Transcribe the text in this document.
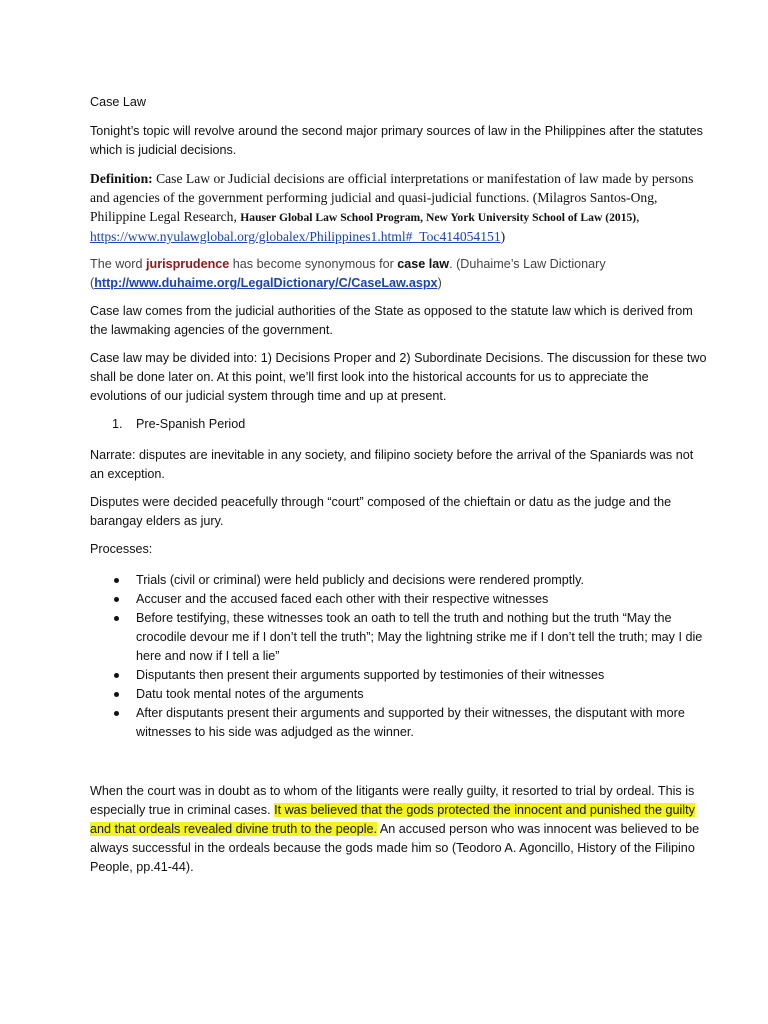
Case Law

Tonight’s topic will revolve around the second major primary sources of law in the Philippines after the statutes which is judicial decisions.

Definition: Case Law or Judicial decisions are official interpretations or manifestation of law made by persons and agencies of the government performing judicial and quasi-judicial functions. (Milagros Santos-Ong, Philippine Legal Research, Hauser Global Law School Program, New York University School of Law (2015), https://www.nyulawglobal.org/globalex/Philippines1.html#_Toc414054151)

The word jurisprudence has become synonymous for case law. (Duhaime’s Law Dictionary (http://www.duhaime.org/LegalDictionary/C/CaseLaw.aspx)

Case law comes from the judicial authorities of the State as opposed to the statute law which is derived from the lawmaking agencies of the government.

Case law may be divided into: 1) Decisions Proper and 2) Subordinate Decisions. The discussion for these two shall be done later on. At this point, we’ll first look into the historical accounts for us to appreciate the evolutions of our judicial system through time and up at present.

1. Pre-Spanish Period

Narrate: disputes are inevitable in any society, and filipino society before the arrival of the Spaniards was not an exception.

Disputes were decided peacefully through “court” composed of the chieftain or datu as the judge and the barangay elders as jury.

Processes:

Trials (civil or criminal) were held publicly and decisions were rendered promptly.
Accuser and the accused faced each other with their respective witnesses
Before testifying, these witnesses took an oath to tell the truth and nothing but the truth “May the crocodile devour me if I don’t tell the truth”; May the lightning strike me if I don’t tell the truth; may I die here and now if I tell a lie”
Disputants then present their arguments supported by testimonies of their witnesses
Datu took mental notes of the arguments
After disputants present their arguments and supported by their witnesses, the disputant with more witnesses to his side was adjudged as the winner.

When the court was in doubt as to whom of the litigants were really guilty, it resorted to trial by ordeal. This is especially true in criminal cases. It was believed that the gods protected the innocent and punished the guilty and that ordeals revealed divine truth to the people. An accused person who was innocent was believed to be always successful in the ordeals because the gods made him so (Teodoro A. Agoncillo, History of the Filipino People, pp.41-44).
